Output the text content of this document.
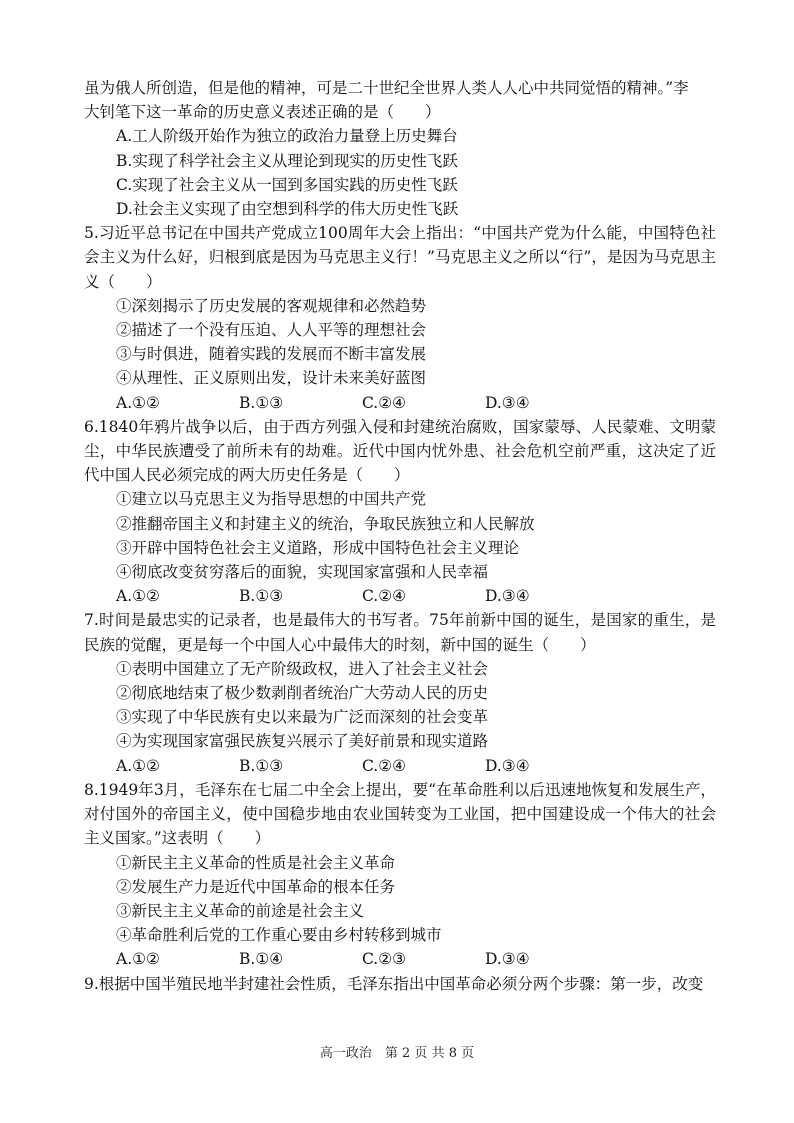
虽为俄人所创造，但是他的精神，可是二十世纪全世界人类人人心中共同觉悟的精神。”李

大钊笔下这一革命的历史意义表述正确的是（　　）

A.工人阶级开始作为独立的政治力量登上历史舞台

B.实现了科学社会主义从理论到现实的历史性飞跃

C.实现了社会主义从一国到多国实践的历史性飞跃

D.社会主义实现了由空想到科学的伟大历史性飞跃

5.习近平总书记在中国共产党成立100周年大会上指出：“中国共产党为什么能，中国特色社会主义为什么好，归根到底是因为马克思主义行！”马克思主义之所以“行”，是因为马克思主义（　　）

①深刻揭示了历史发展的客观规律和必然趋势

②描述了一个没有压迫、人人平等的理想社会

③与时俱进，随着实践的发展而不断丰富发展

④从理性、正义原则出发，设计未来美好蓝图

A.①②	B.①③	C.②④	D.③④

6.1840年鸦片战争以后，由于西方列强入侵和封建统治腐败，国家蒙辱、人民蒙难、文明蒙尘，中华民族遭受了前所未有的劫难。近代中国内忧外患、社会危机空前严重，这决定了近代中国人民必须完成的两大历史任务是（　　）

①建立以马克思主义为指导思想的中国共产党

②推翻帝国主义和封建主义的统治，争取民族独立和人民解放

③开辟中国特色社会主义道路，形成中国特色社会主义理论

④彻底改变贫穷落后的面貌，实现国家富强和人民幸福

A.①②	B.①③	C.②④	D.③④

7.时间是最忠实的记录者，也是最伟大的书写者。75年前新中国的诞生，是国家的重生，是民族的觉醒，更是每一个中国人心中最伟大的时刻，新中国的诞生（　　）

①表明中国建立了无产阶级政权，进入了社会主义社会

②彻底地结束了极少数剥削者统治广大劳动人民的历史

③实现了中华民族有史以来最为广泛而深刻的社会变革

④为实现国家富强民族复兴展示了美好前景和现实道路

A.①②	B.①③	C.②④	D.③④

8.1949年3月，毛泽东在七届二中全会上提出，要“在革命胜利以后迅速地恢复和发展生产，对付国外的帝国主义，使中国稳步地由农业国转变为工业国，把中国建设成一个伟大的社会主义国家。”这表明（　　）

①新民主主义革命的性质是社会主义革命

②发展生产力是近代中国革命的根本任务

③新民主主义革命的前途是社会主义

④革命胜利后党的工作重心要由乡村转移到城市

A.①②	B.①④	C.②③	D.③④

9.根据中国半殖民地半封建社会性质，毛泽东指出中国革命必须分两个步骤：第一步，改变

高一政治　第 2 页 共 8 页
